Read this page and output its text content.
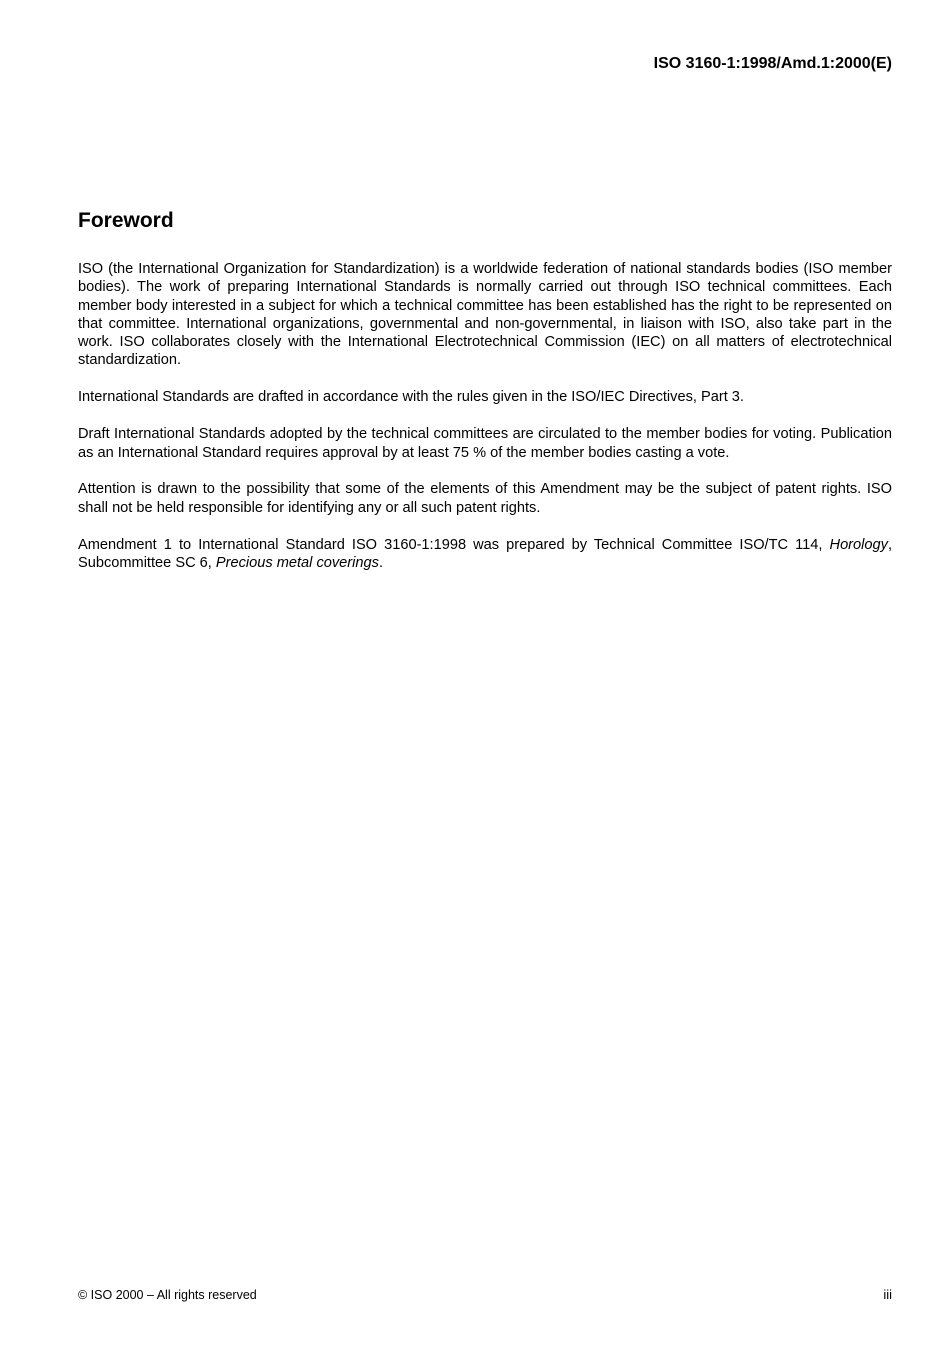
ISO 3160-1:1998/Amd.1:2000(E)
Foreword

ISO (the International Organization for Standardization) is a worldwide federation of national standards bodies (ISO member bodies). The work of preparing International Standards is normally carried out through ISO technical committees. Each member body interested in a subject for which a technical committee has been established has the right to be represented on that committee. International organizations, governmental and non-governmental, in liaison with ISO, also take part in the work. ISO collaborates closely with the International Electrotechnical Commission (IEC) on all matters of electrotechnical standardization.

International Standards are drafted in accordance with the rules given in the ISO/IEC Directives, Part 3.

Draft International Standards adopted by the technical committees are circulated to the member bodies for voting. Publication as an International Standard requires approval by at least 75 % of the member bodies casting a vote.

Attention is drawn to the possibility that some of the elements of this Amendment may be the subject of patent rights. ISO shall not be held responsible for identifying any or all such patent rights.

Amendment 1 to International Standard ISO 3160-1:1998 was prepared by Technical Committee ISO/TC 114, Horology, Subcommittee SC 6, Precious metal coverings.

© ISO 2000 – All rights reserved	iii
